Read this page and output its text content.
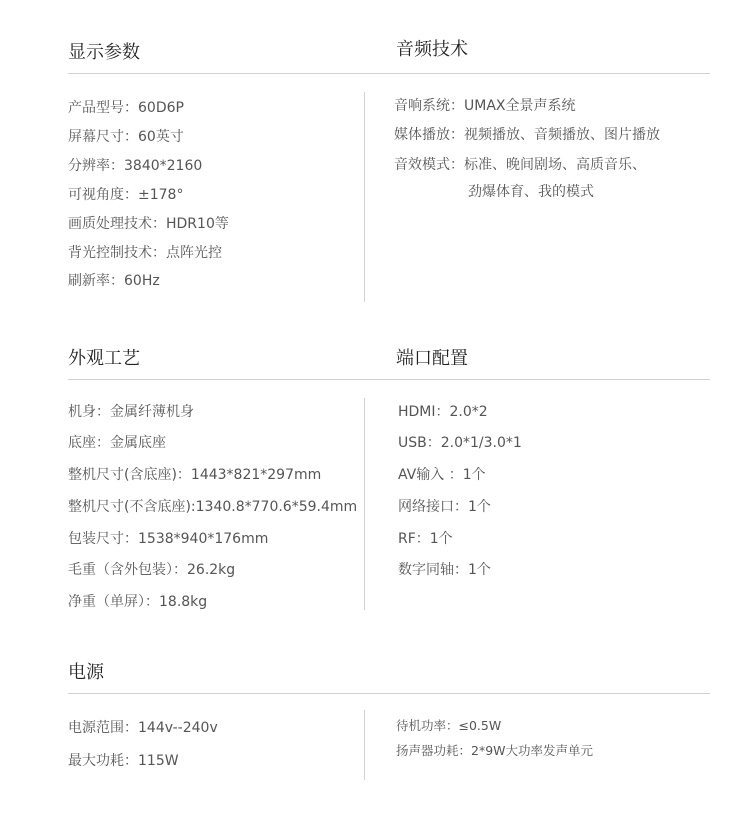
显示参数	音频技术
产品型号：60D6P
屏幕尺寸：60英寸
分辨率：3840*2160
可视角度：±178°
画质处理技术：HDR10等
背光控制技术：点阵光控
刷新率：60Hz
音响系统：UMAX全景声系统
媒体播放：视频播放、音频播放、图片播放
音效模式：标准、晚间剧场、高质音乐、
劲爆体育、我的模式
外观工艺	端口配置
机身：金属纤薄机身
底座：金属底座
整机尺寸(含底座)：1443*821*297mm
整机尺寸(不含底座):1340.8*770.6*59.4mm
包装尺寸：1538*940*176mm
毛重（含外包装）：26.2kg
净重（单屏）：18.8kg
HDMI：2.0*2
USB：2.0*1/3.0*1
AV输入 ：1个
网络接口：1个
RF：1个
数字同轴：1个
电源
电源范围：144v--240v
最大功耗：115W
待机功率：≤0.5W
扬声器功耗：2*9W大功率发声单元
